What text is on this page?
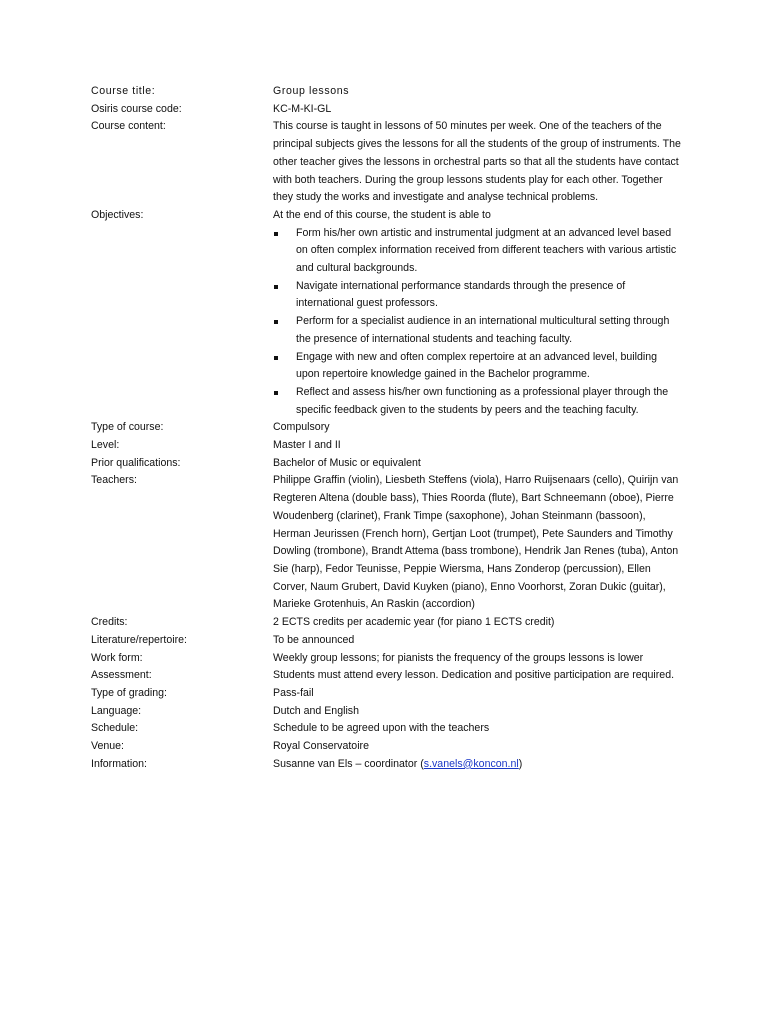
Course title:	Group lessons
Osiris course code:	KC-M-KI-GL
Course content:	This course is taught in lessons of 50 minutes per week. One of the teachers of the principal subjects gives the lessons for all the students of the group of instruments. The other teacher gives the lessons in orchestral parts so that all the students have contact with both teachers. During the group lessons students play for each other. Together they study the works and investigate and analyse technical problems.
Objectives:	At the end of this course, the student is able to

Form his/her own artistic and instrumental judgment at an advanced level based on often complex information received from different teachers with various artistic and cultural backgrounds.
Navigate international performance standards through the presence of international guest professors.
Perform for a specialist audience in an international multicultural setting through the presence of international students and teaching faculty.
Engage with new and often complex repertoire at an advanced level, building upon repertoire knowledge gained in the Bachelor programme.
Reflect and assess his/her own functioning as a professional player through the specific feedback given to the students by peers and the teaching faculty.
Type of course:	Compulsory
Level:	Master I and II
Prior qualifications:	Bachelor of Music or equivalent
Teachers:	Philippe Graffin (violin), Liesbeth Steffens (viola), Harro Ruijsenaars (cello), Quirijn van Regteren Altena (double bass), Thies Roorda (flute), Bart Schneemann (oboe), Pierre Woudenberg (clarinet), Frank Timpe (saxophone), Johan Steinmann (bassoon), Herman Jeurissen (French horn), Gertjan Loot (trumpet), Pete Saunders and Timothy Dowling (trombone), Brandt Attema (bass trombone), Hendrik Jan Renes (tuba), Anton Sie (harp), Fedor Teunisse, Peppie Wiersma, Hans Zonderop (percussion), Ellen Corver, Naum Grubert, David Kuyken (piano), Enno Voorhorst, Zoran Dukic (guitar), Marieke Grotenhuis, An Raskin (accordion)
Credits:	2 ECTS credits per academic year (for piano 1 ECTS credit)
Literature/repertoire:	To be announced
Work form:	Weekly group lessons; for pianists the frequency of the groups lessons is lower
Assessment:	Students must attend every lesson. Dedication and positive participation are required.
Type of grading:	Pass-fail
Language:	Dutch and English
Schedule:	Schedule to be agreed upon with the teachers
Venue:	Royal Conservatoire
Information:	Susanne van Els – coordinator (s.vanels@koncon.nl)
